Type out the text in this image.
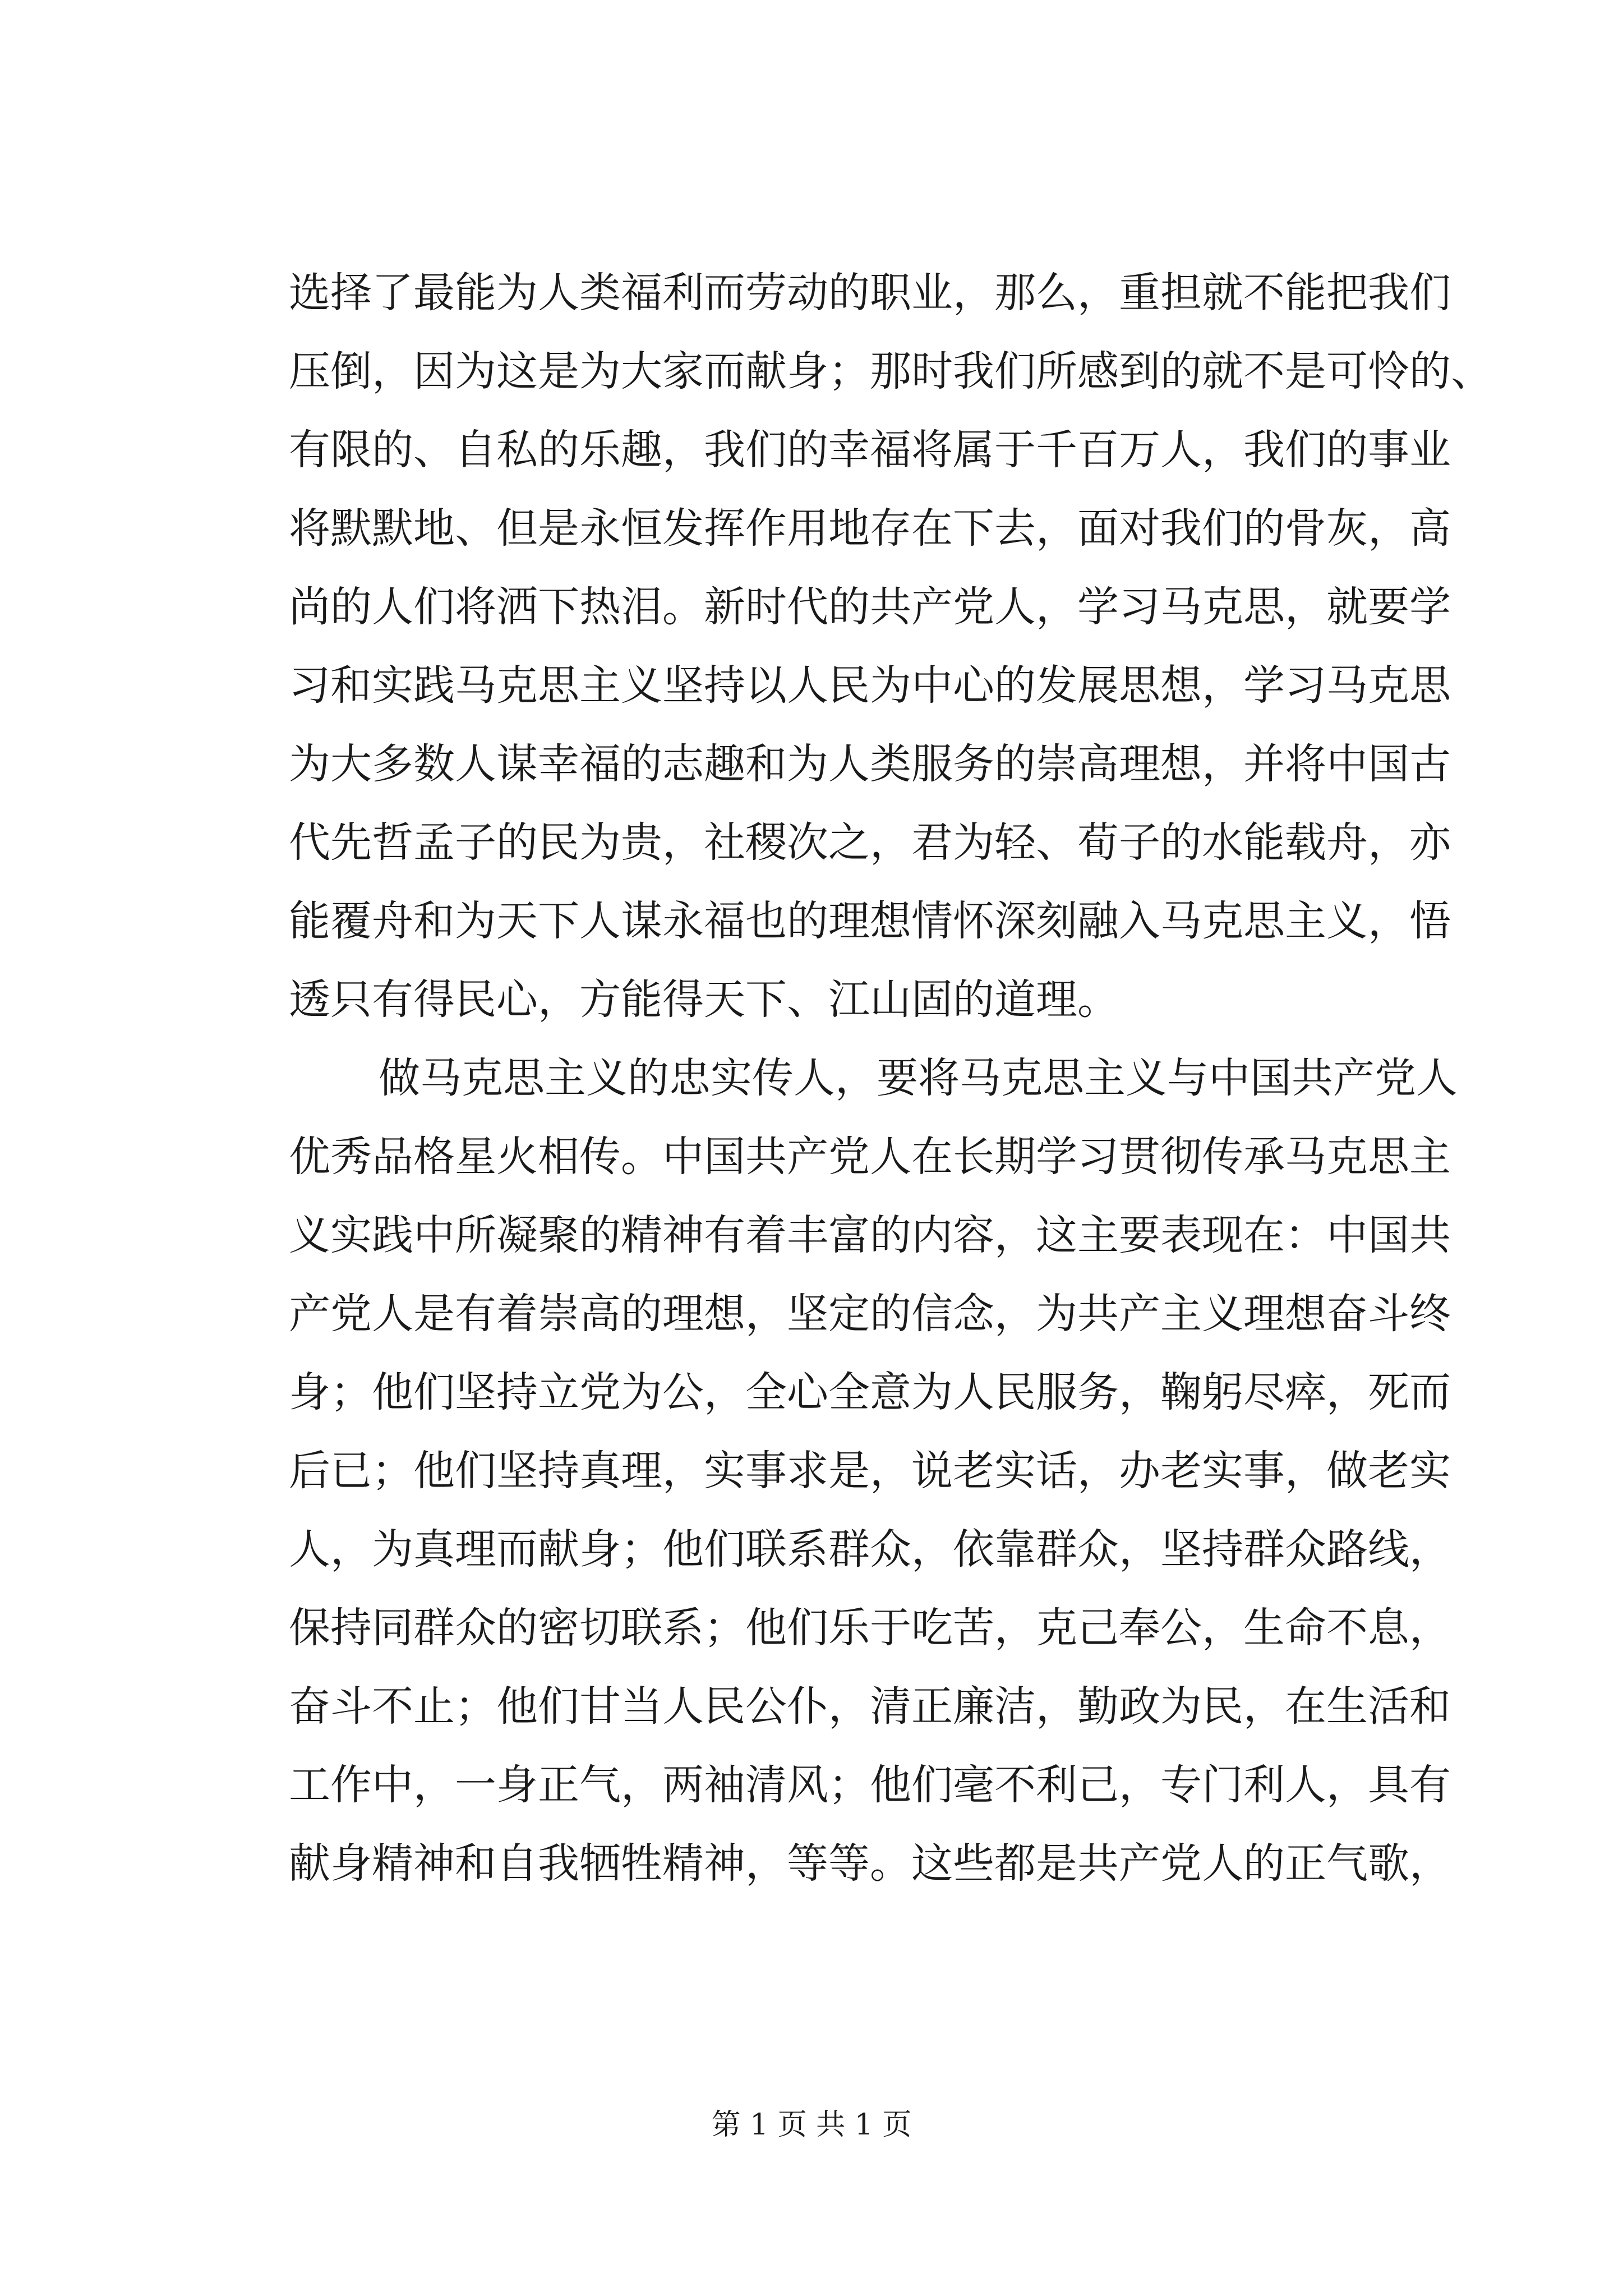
选择了最能为人类福利而劳动的职业，那么，重担就不能把我们
压倒，因为这是为大家而献身；那时我们所感到的就不是可怜的、
有限的、自私的乐趣，我们的幸福将属于千百万人，我们的事业
将默默地、但是永恒发挥作用地存在下去，面对我们的骨灰，高
尚的人们将洒下热泪。新时代的共产党人，学习马克思，就要学
习和实践马克思主义坚持以人民为中心的发展思想，学习马克思
为大多数人谋幸福的志趣和为人类服务的崇高理想，并将中国古
代先哲孟子的民为贵，社稷次之，君为轻、荀子的水能载舟，亦
能覆舟和为天下人谋永福也的理想情怀深刻融入马克思主义，悟
透只有得民心，方能得天下、江山固的道理。
做马克思主义的忠实传人，要将马克思主义与中国共产党人
优秀品格星火相传。中国共产党人在长期学习贯彻传承马克思主
义实践中所凝聚的精神有着丰富的内容，这主要表现在：中国共
产党人是有着崇高的理想，坚定的信念，为共产主义理想奋斗终
身；他们坚持立党为公，全心全意为人民服务，鞠躬尽瘁，死而
后已；他们坚持真理，实事求是，说老实话，办老实事，做老实
人，为真理而献身；他们联系群众，依靠群众，坚持群众路线，
保持同群众的密切联系；他们乐于吃苦，克己奉公，生命不息，
奋斗不止；他们甘当人民公仆，清正廉洁，勤政为民，在生活和
工作中，一身正气，两袖清风；他们毫不利己，专门利人，具有
献身精神和自我牺牲精神，等等。这些都是共产党人的正气歌，
第 1 页 共 1 页
